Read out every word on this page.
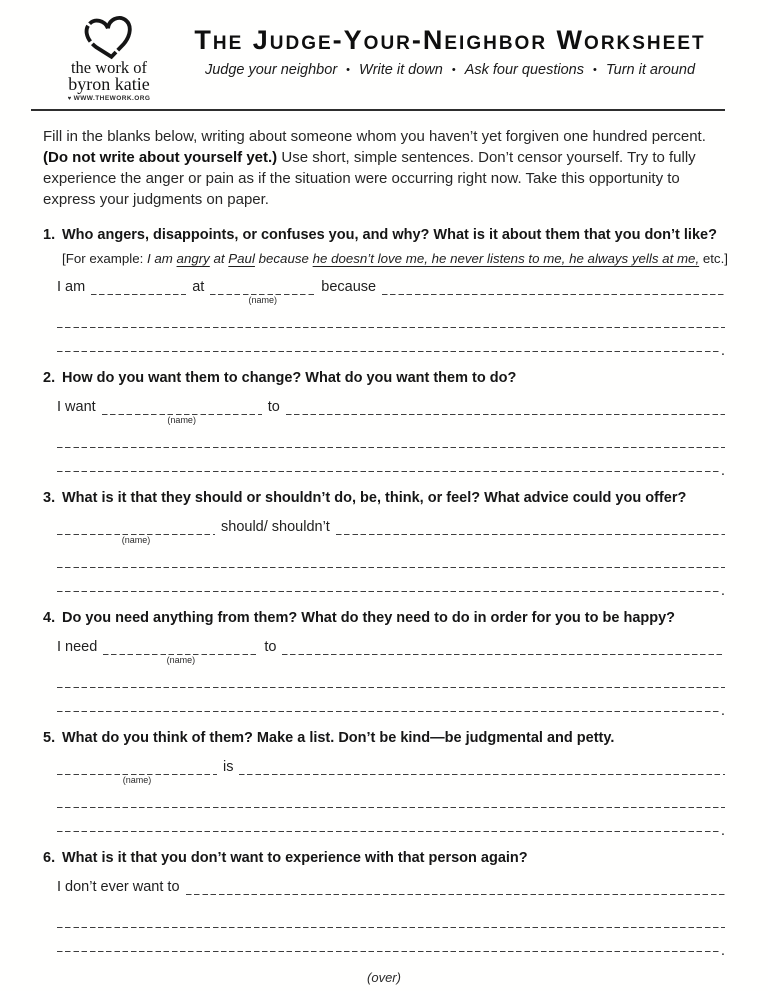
the work of
byron katie
♥ WWW.THEWORK.ORG
The Judge-Your-Neighbor Worksheet
Judge your neighbor • Write it down • Ask four questions • Turn it around

Fill in the blanks below, writing about someone whom you haven’t yet forgiven one hundred percent. (Do not write about yourself yet.) Use short, simple sentences. Don’t censor yourself. Try to fully experience the anger or pain as if the situation were occurring right now. Take this opportunity to express your judgments on paper.

1. Who angers, disappoints, or confuses you, and why? What is it about them that you don’t like?
[For example: I am angry at Paul because he doesn’t love me, he never listens to me, he always yells at me, etc.]
I am	at
(name)
because
.
2. How do you want them to change? What do you want them to do?
I want
(name)
to
.
3. What is it that they should or shouldn’t do, be, think, or feel? What advice could you offer?
(name)
should/ shouldn’t
.
4. Do you need anything from them? What do they need to do in order for you to be happy?
I need
(name)
to
.
5. What do you think of them? Make a list. Don’t be kind—be judgmental and petty.
(name)
is
.
6. What is it that you don’t want to experience with that person again?
I don’t ever want to
.
(over)
